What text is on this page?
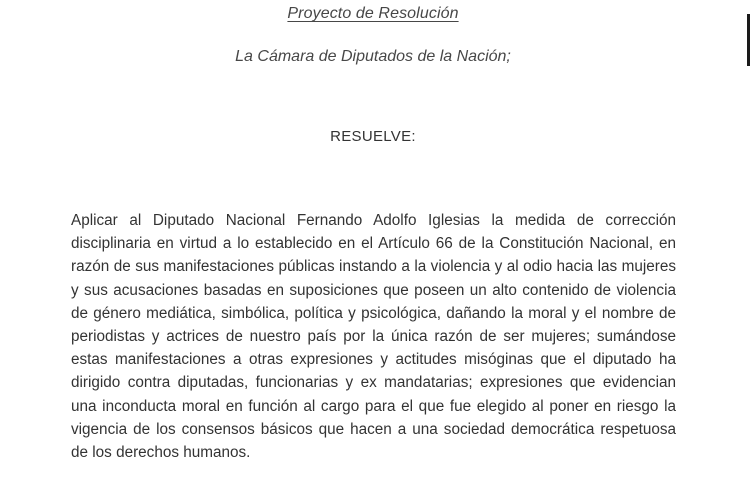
Proyecto de Resolución
La Cámara de Diputados de la Nación;
RESUELVE:
Aplicar al Diputado Nacional Fernando Adolfo Iglesias la medida de corrección disciplinaria en virtud a lo establecido en el Artículo 66 de la Constitución Nacional, en razón de sus manifestaciones públicas instando a la violencia y al odio hacia las mujeres y sus acusaciones basadas en suposiciones que poseen un alto contenido de violencia de género mediática, simbólica, política y psicológica, dañando la moral y el nombre de periodistas y actrices de nuestro país por la única razón de ser mujeres; sumándose estas manifestaciones a otras expresiones y actitudes misóginas que el diputado ha dirigido contra diputadas, funcionarias y ex mandatarias; expresiones que evidencian una inconducta moral en función al cargo para el que fue elegido al poner en riesgo la vigencia de los consensos básicos que hacen a una sociedad democrática respetuosa de los derechos humanos.
